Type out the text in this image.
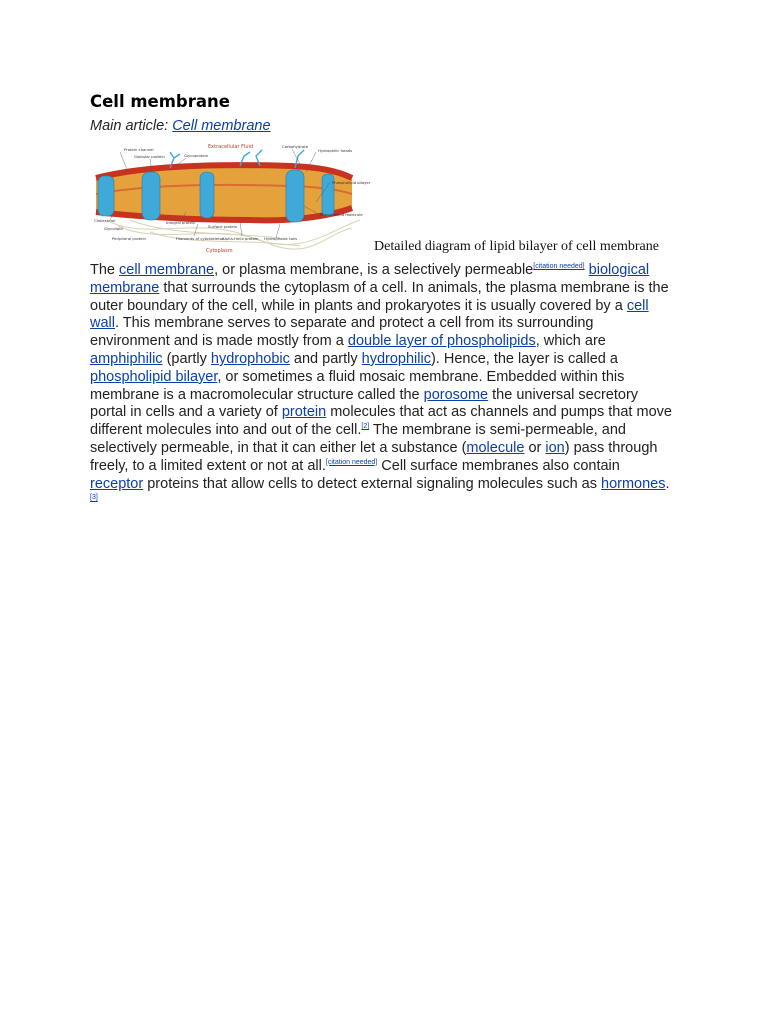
Cell membrane
Main article: Cell membrane
Extracellular Fluid	Carbohydrate
Protein channel
Globular protein	Glycoprotein
Hydrophilic heads
Phospholipid bilayer
Phospholipid molecule
Cholesterol
Glycolipid
Peripheral protein
Integral protein
Surface protein
Filaments of cytoskeleton
Alpha-Helix protein Hydrophobic tails
Cytoplasm	Detailed diagram of lipid bilayer of cell membrane

The cell membrane, or plasma membrane, is a selectively permeable[citation needed] biological membrane that surrounds the cytoplasm of a cell. In animals, the plasma membrane is the outer boundary of the cell, while in plants and prokaryotes it is usually covered by a cell wall. This membrane serves to separate and protect a cell from its surrounding environment and is made mostly from a double layer of phospholipids, which are amphiphilic (partly hydrophobic and partly hydrophilic). Hence, the layer is called a phospholipid bilayer, or sometimes a fluid mosaic membrane. Embedded within this membrane is a macromolecular structure called the porosome the universal secretory portal in cells and a variety of protein molecules that act as channels and pumps that move different molecules into and out of the cell.[2] The membrane is semi-permeable, and selectively permeable, in that it can either let a substance (molecule or ion) pass through freely, to a limited extent or not at all.[citation needed] Cell surface membranes also contain receptor proteins that allow cells to detect external signaling molecules such as hormones.[3]
